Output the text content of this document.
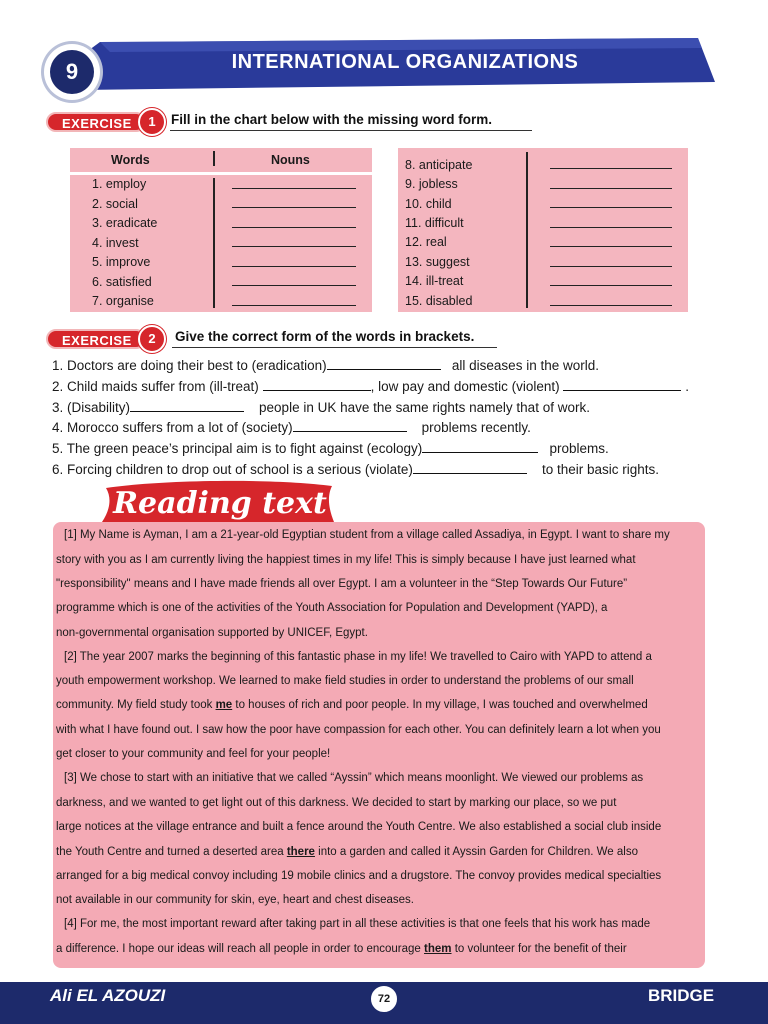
9	INTERNATIONAL ORGANIZATIONS
EXERCISE	1	Fill in the chart below with the missing word form.
Words	Nouns
1. employ
2. social
3. eradicate
4. invest
5. improve
6. satisfied
7. organise
8. anticipate
9. jobless
10. child
11. difficult
12. real
13. suggest
14. ill-treat
15. disabled
EXERCISE	2	Give the correct form of the words in brackets.
1. Doctors are doing their best to (eradication)	all diseases in the world.
2. Child maids suffer from (ill-treat)	, low pay and domestic (violent)	.
3. (Disability)	people in UK have the same rights namely that of work.
4. Morocco suffers from a lot of (society)	problems recently.
5. The green peace’s principal aim is to fight against (ecology)	problems.
6. Forcing children to drop out of school is a serious (violate)	to their basic rights.
Reading text
[1] My Name is Ayman, I am a 21-year-old Egyptian student from a village called Assadiya, in Egypt. I want to share my
story with you as I am currently living the happiest times in my life! This is simply because I have just learned what
"responsibility" means and I have made friends all over Egypt. I am a volunteer in the “Step Towards Our Future”
programme which is one of the activities of the Youth Association for Population and Development (YAPD), a
non-governmental organisation supported by UNICEF, Egypt.
[2] The year 2007 marks the beginning of this fantastic phase in my life! We travelled to Cairo with YAPD to attend a
youth empowerment workshop. We learned to make field studies in order to understand the problems of our small
community. My field study took me to houses of rich and poor people. In my village, I was touched and overwhelmed
with what I have found out. I saw how the poor have compassion for each other. You can definitely learn a lot when you
get closer to your community and feel for your people!
[3] We chose to start with an initiative that we called “Ayssin” which means moonlight. We viewed our problems as
darkness, and we wanted to get light out of this darkness. We decided to start by marking our place, so we put
large notices at the village entrance and built a fence around the Youth Centre. We also established a social club inside
the Youth Centre and turned a deserted area there into a garden and called it Ayssin Garden for Children. We also
arranged for a big medical convoy including 19 mobile clinics and a drugstore. The convoy provides medical specialties
not available in our community for skin, eye, heart and chest diseases.
[4] For me, the most important reward after taking part in all these activities is that one feels that his work has made
a difference. I hope our ideas will reach all people in order to encourage them to volunteer for the benefit of their
Ali EL AZOUZI	72	BRIDGE
